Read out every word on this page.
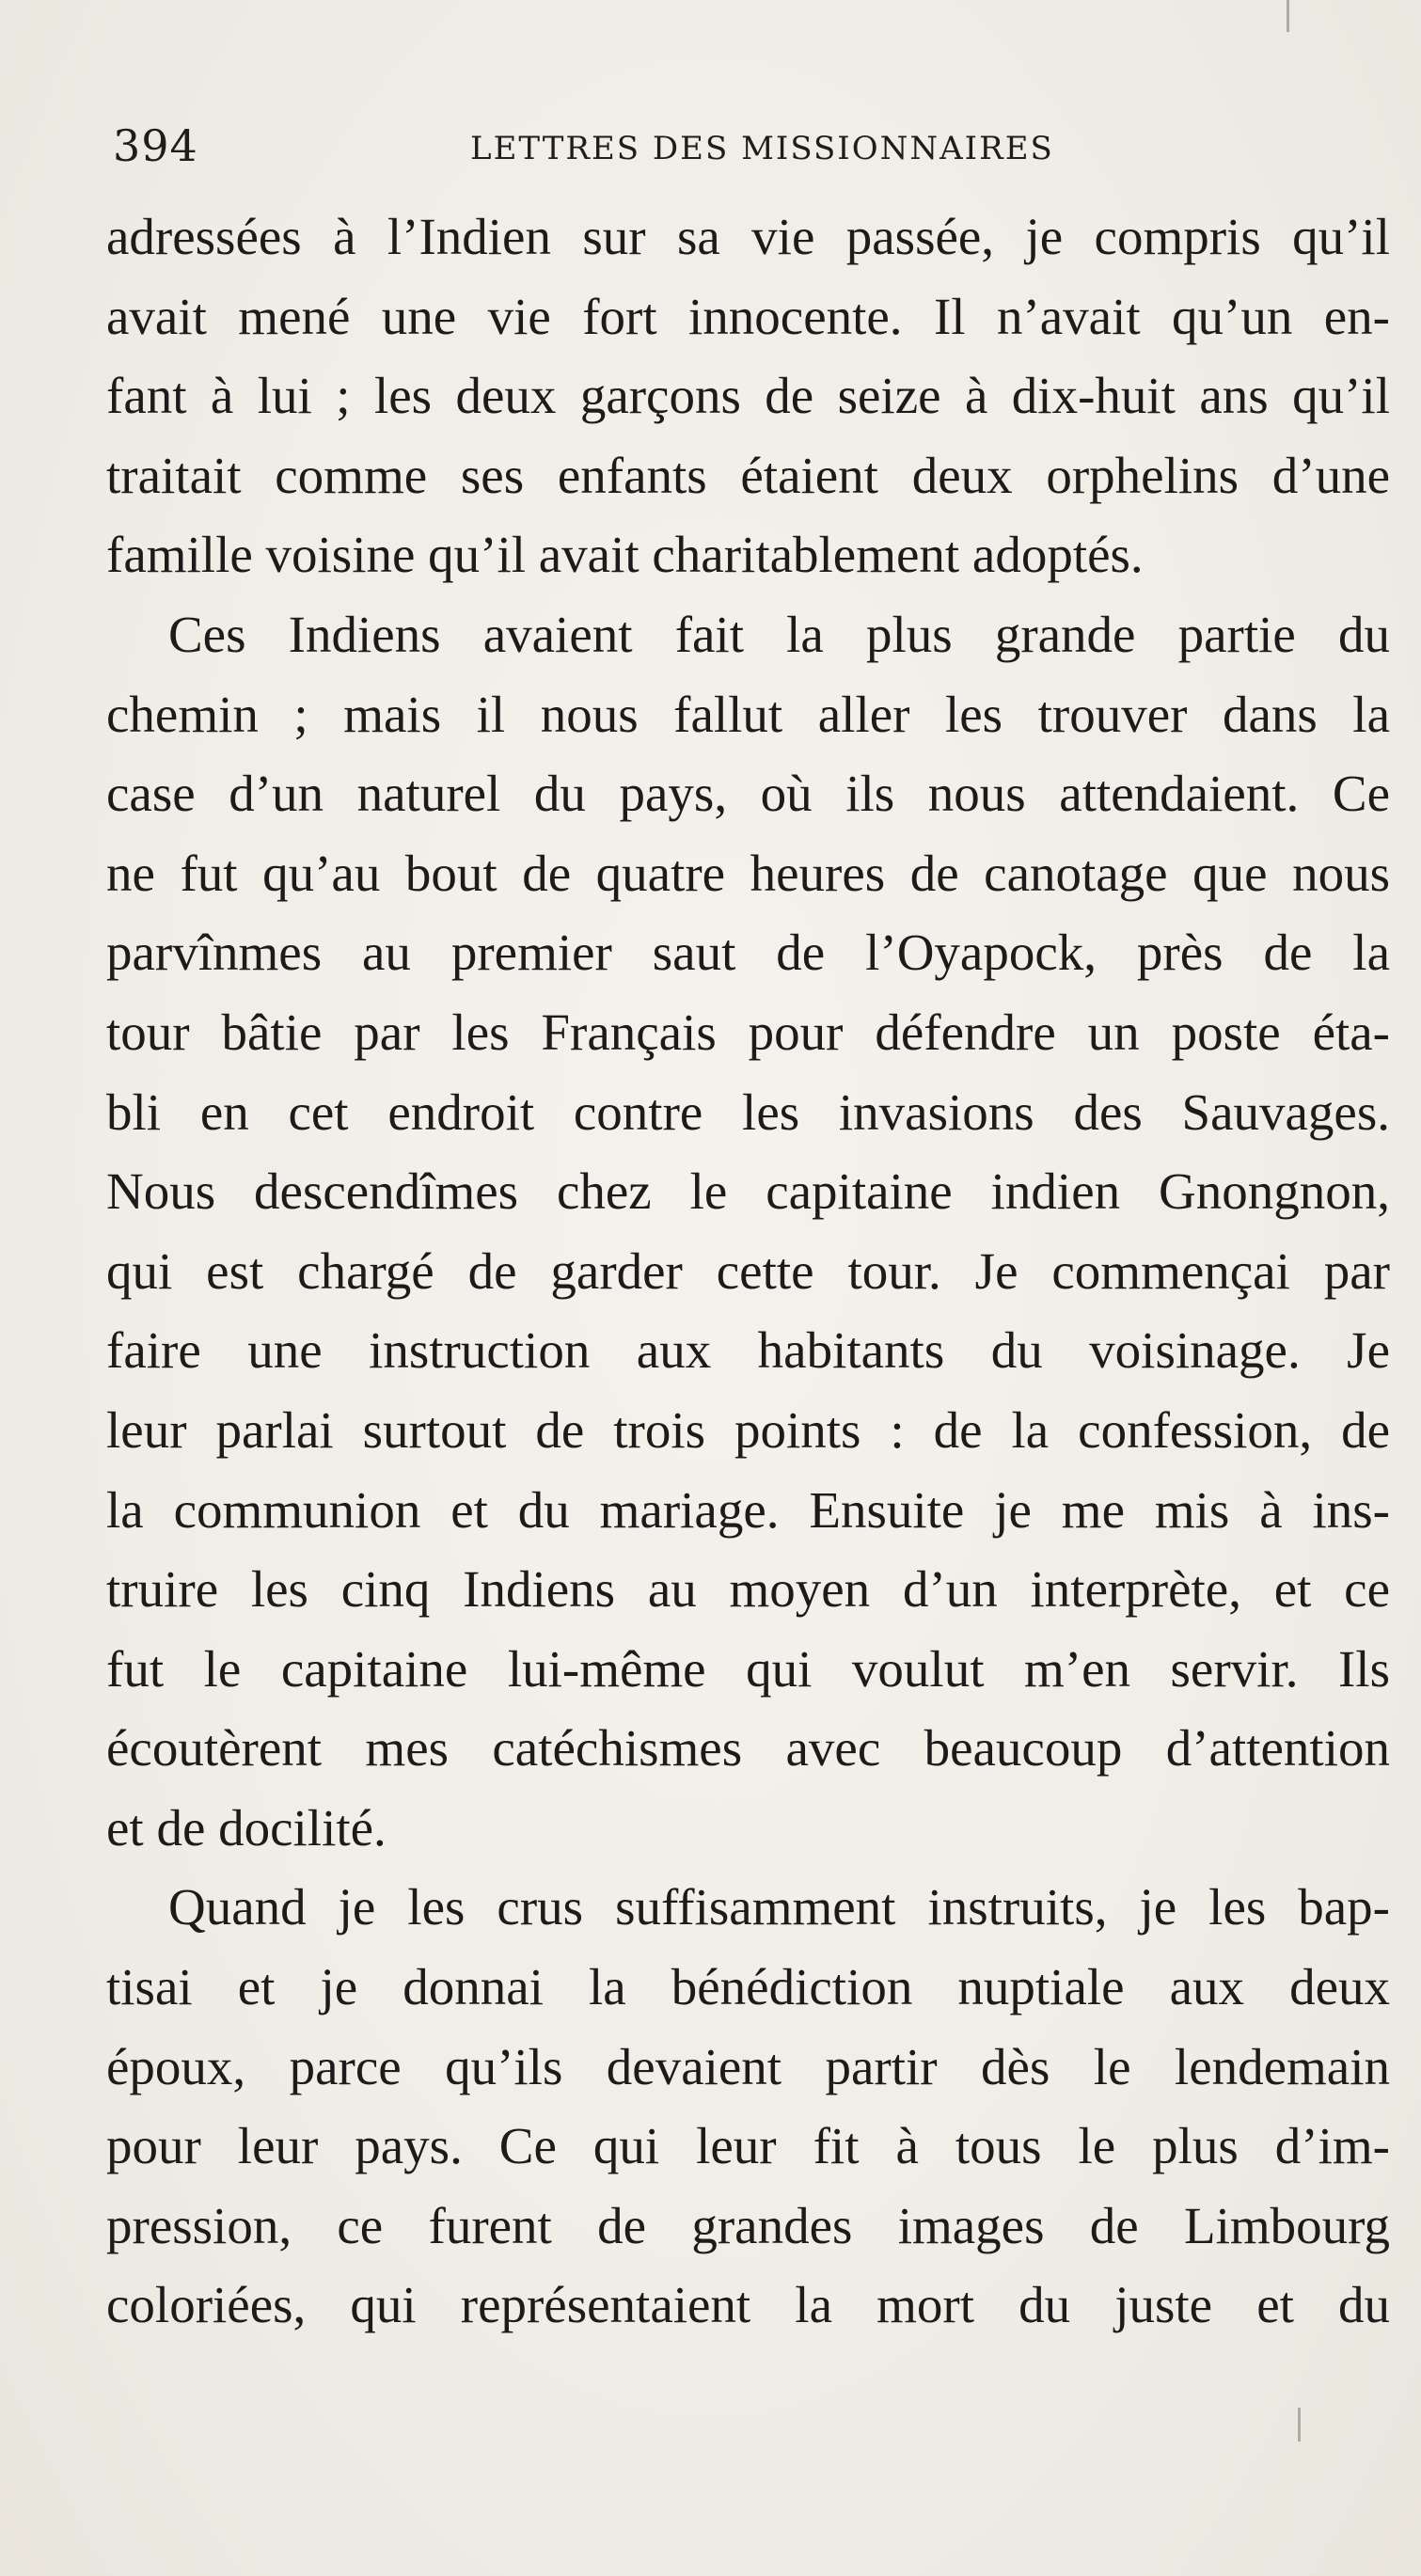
394	LETTRES DES MISSIONNAIRES
adressées à l’Indien sur sa vie passée, je compris qu’il
avait mené une vie fort innocente. Il n’avait qu’un en-
fant à lui ; les deux garçons de seize à dix-huit ans qu’il
traitait comme ses enfants étaient deux orphelins d’une
famille voisine qu’il avait charitablement adoptés.
Ces Indiens avaient fait la plus grande partie du
chemin ; mais il nous fallut aller les trouver dans la
case d’un naturel du pays, où ils nous attendaient. Ce
ne fut qu’au bout de quatre heures de canotage que nous
parvînmes au premier saut de l’Oyapock, près de la
tour bâtie par les Français pour défendre un poste éta-
bli en cet endroit contre les invasions des Sauvages.
Nous descendîmes chez le capitaine indien Gnongnon,
qui est chargé de garder cette tour. Je commençai par
faire une instruction aux habitants du voisinage. Je
leur parlai surtout de trois points : de la confession, de
la communion et du mariage. Ensuite je me mis à ins-
truire les cinq Indiens au moyen d’un interprète, et ce
fut le capitaine lui-même qui voulut m’en servir. Ils
écoutèrent mes catéchismes avec beaucoup d’attention
et de docilité.
Quand je les crus suffisamment instruits, je les bap-
tisai et je donnai la bénédiction nuptiale aux deux
époux, parce qu’ils devaient partir dès le lendemain
pour leur pays. Ce qui leur fit à tous le plus d’im-
pression, ce furent de grandes images de Limbourg
coloriées, qui représentaient la mort du juste et du
